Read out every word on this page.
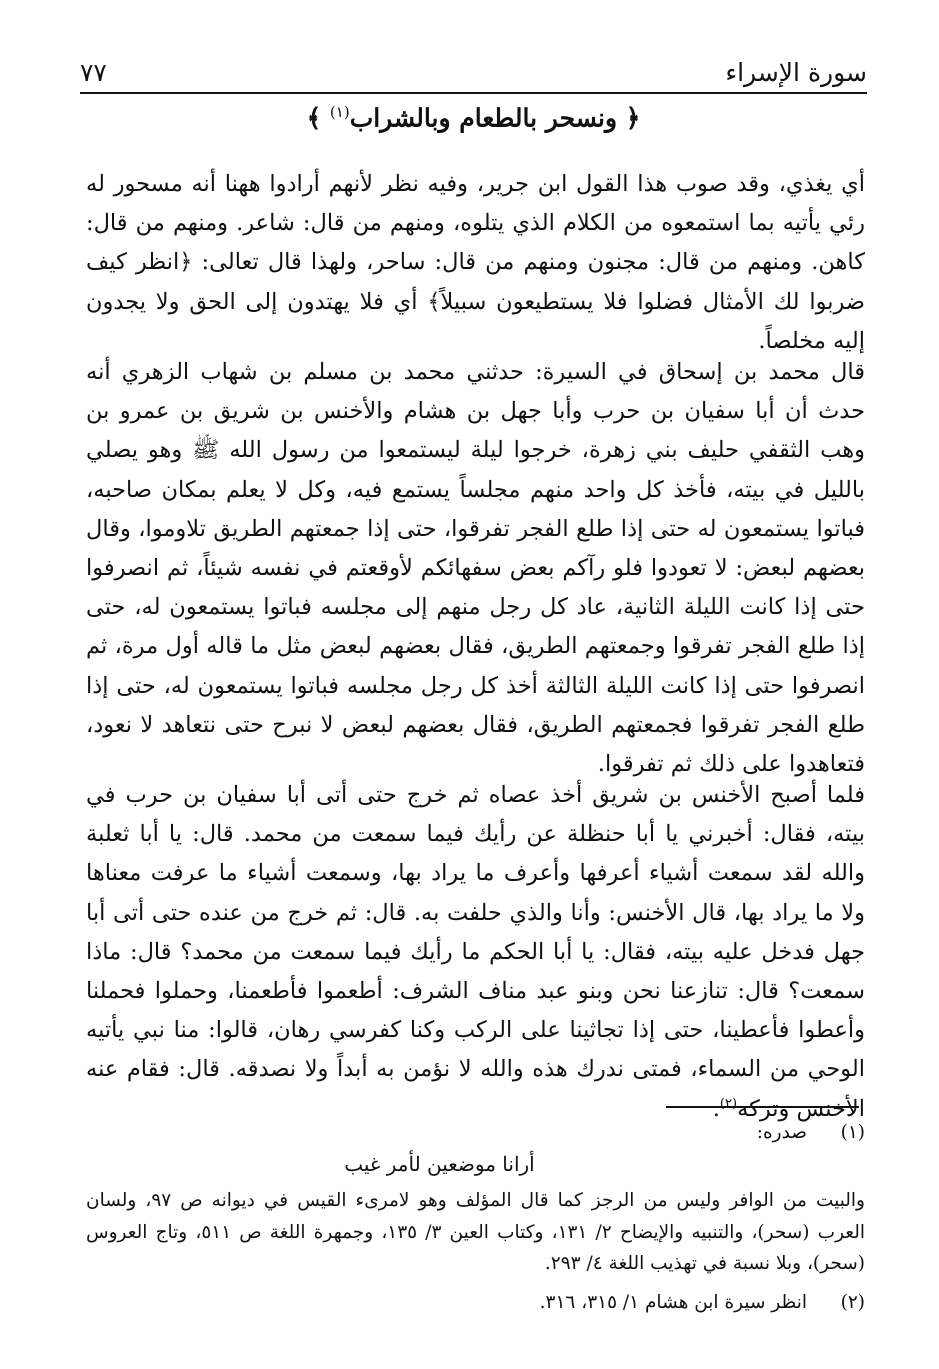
سورة الإسراء
٧٧
﴿ ونسحر بالطعام وبالشراب$^{(١)}$ ﴾
أي يغذي، وقد صوب هذا القول ابن جرير، وفيه نظر لأنهم أرادوا ههنا أنه مسحور له رئي يأتيه بما استمعوه من الكلام الذي يتلوه، ومنهم من قال: شاعر. ومنهم من قال: كاهن. ومنهم من قال: مجنون ومنهم من قال: ساحر، ولهذا قال تعالى: ﴿انظر كيف ضربوا لك الأمثال فضلوا فلا يستطيعون سبيلاً﴾ أي فلا يهتدون إلى الحق ولا يجدون إليه مخلصاً.
قال محمد بن إسحاق في السيرة: حدثني محمد بن مسلم بن شهاب الزهري أنه حدث أن أبا سفيان بن حرب وأبا جهل بن هشام والأخنس بن شريق بن عمرو بن وهب الثقفي حليف بني زهرة، خرجوا ليلة ليستمعوا من رسول الله ﷺ وهو يصلي بالليل في بيته، فأخذ كل واحد منهم مجلساً يستمع فيه، وكل لا يعلم بمكان صاحبه، فباتوا يستمعون له حتى إذا طلع الفجر تفرقوا، حتى إذا جمعتهم الطريق تلاوموا، وقال بعضهم لبعض: لا تعودوا فلو رآكم بعض سفهائكم لأوقعتم في نفسه شيئاً، ثم انصرفوا حتى إذا كانت الليلة الثانية، عاد كل رجل منهم إلى مجلسه فباتوا يستمعون له، حتى إذا طلع الفجر تفرقوا وجمعتهم الطريق، فقال بعضهم لبعض مثل ما قاله أول مرة، ثم انصرفوا حتى إذا كانت الليلة الثالثة أخذ كل رجل مجلسه فباتوا يستمعون له، حتى إذا طلع الفجر تفرقوا فجمعتهم الطريق، فقال بعضهم لبعض لا نبرح حتى نتعاهد لا نعود، فتعاهدوا على ذلك ثم تفرقوا.
فلما أصبح الأخنس بن شريق أخذ عصاه ثم خرج حتى أتى أبا سفيان بن حرب في بيته، فقال: أخبرني يا أبا حنظلة عن رأيك فيما سمعت من محمد. قال: يا أبا ثعلبة والله لقد سمعت أشياء أعرفها وأعرف ما يراد بها، وسمعت أشياء ما عرفت معناها ولا ما يراد بها، قال الأخنس: وأنا والذي حلفت به. قال: ثم خرج من عنده حتى أتى أبا جهل فدخل عليه بيته، فقال: يا أبا الحكم ما رأيك فيما سمعت من محمد؟ قال: ماذا سمعت؟ قال: تنازعنا نحن وبنو عبد مناف الشرف: أطعموا فأطعمنا، وحملوا فحملنا وأعطوا فأعطينا، حتى إذا تجاثينا على الركب وكنا كفرسي رهان، قالوا: منا نبي يأتيه الوحي من السماء، فمتى ندرك هذه والله لا نؤمن به أبداً ولا نصدقه. قال: فقام عنه الأخنس وتركه$^{(٢)}$.
(١)
صدره:
أرانا موضعين لأمر غيب
والبيت من الوافر وليس من الرجز كما قال المؤلف وهو لامرىء القيس في ديوانه ص ٩٧، ولسان العرب (سحر)، والتنبيه والإيضاح ٢/ ١٣١، وكتاب العين ٣/ ١٣٥، وجمهرة اللغة ص ٥١١، وتاج العروس (سحر)، وبلا نسبة في تهذيب اللغة ٤/ ٢٩٣.
(٢)
انظر سيرة ابن هشام ١/ ٣١٥، ٣١٦.
